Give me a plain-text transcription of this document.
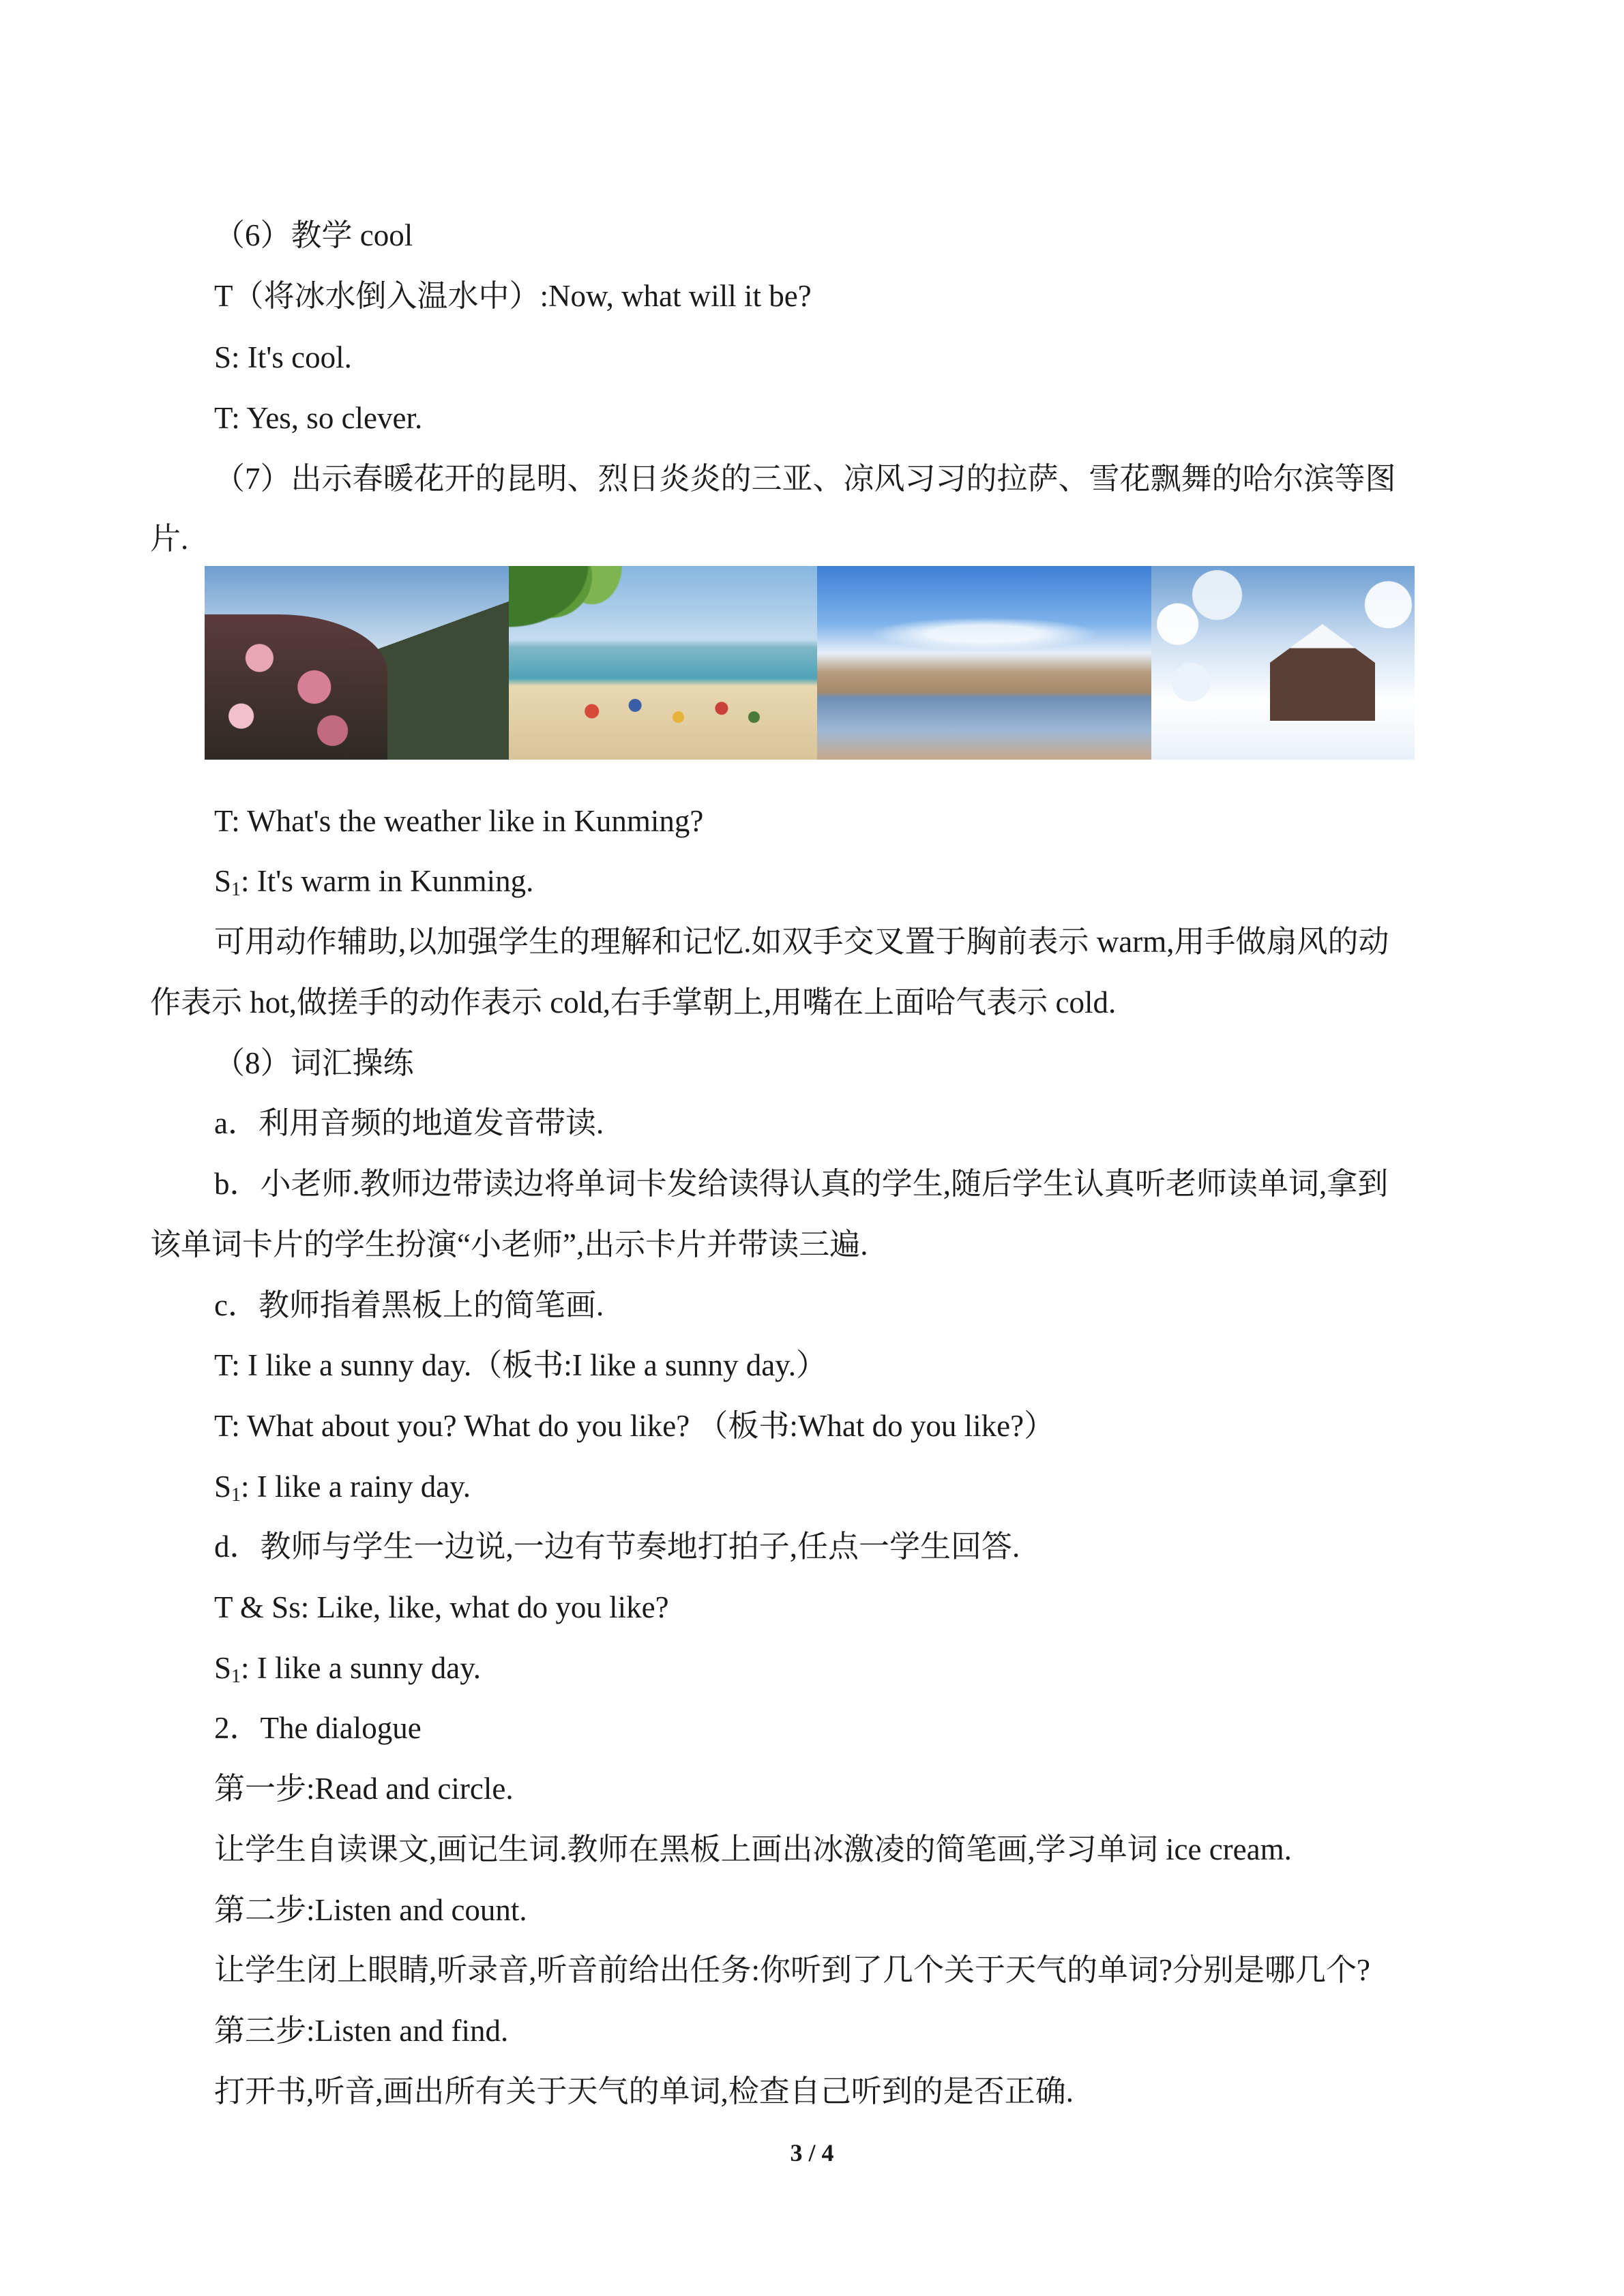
（6）教学 cool
T（将冰水倒入温水中）:Now, what will it be?
S: It's cool.
T: Yes, so clever.
（7）出示春暖花开的昆明、烈日炎炎的三亚、凉风习习的拉萨、雪花飘舞的哈尔滨等图
片.
T: What's the weather like in Kunming?
$S_1$: It's warm in Kunming.
可用动作辅助,以加强学生的理解和记忆.如双手交叉置于胸前表示 warm,用手做扇风的动
作表示 hot,做搓手的动作表示 cold,右手掌朝上,用嘴在上面哈气表示 cold.
（8）词汇操练
a．利用音频的地道发音带读.
b．小老师.教师边带读边将单词卡发给读得认真的学生,随后学生认真听老师读单词,拿到
该单词卡片的学生扮演“小老师”,出示卡片并带读三遍.
c．教师指着黑板上的简笔画.
T: I like a sunny day.（板书:I like a sunny day.）
T: What about you? What do you like? （板书:What do you like?）
$S_1$: I like a rainy day.
d．教师与学生一边说,一边有节奏地打拍子,任点一学生回答.
T & Ss: Like, like, what do you like?
$S_1$: I like a sunny day.
2．The dialogue
第一步:Read and circle.
让学生自读课文,画记生词.教师在黑板上画出冰激凌的简笔画,学习单词 ice cream.
第二步:Listen and count.
让学生闭上眼睛,听录音,听音前给出任务:你听到了几个关于天气的单词?分别是哪几个?
第三步:Listen and find.
打开书,听音,画出所有关于天气的单词,检查自己听到的是否正确.
3 / 4
